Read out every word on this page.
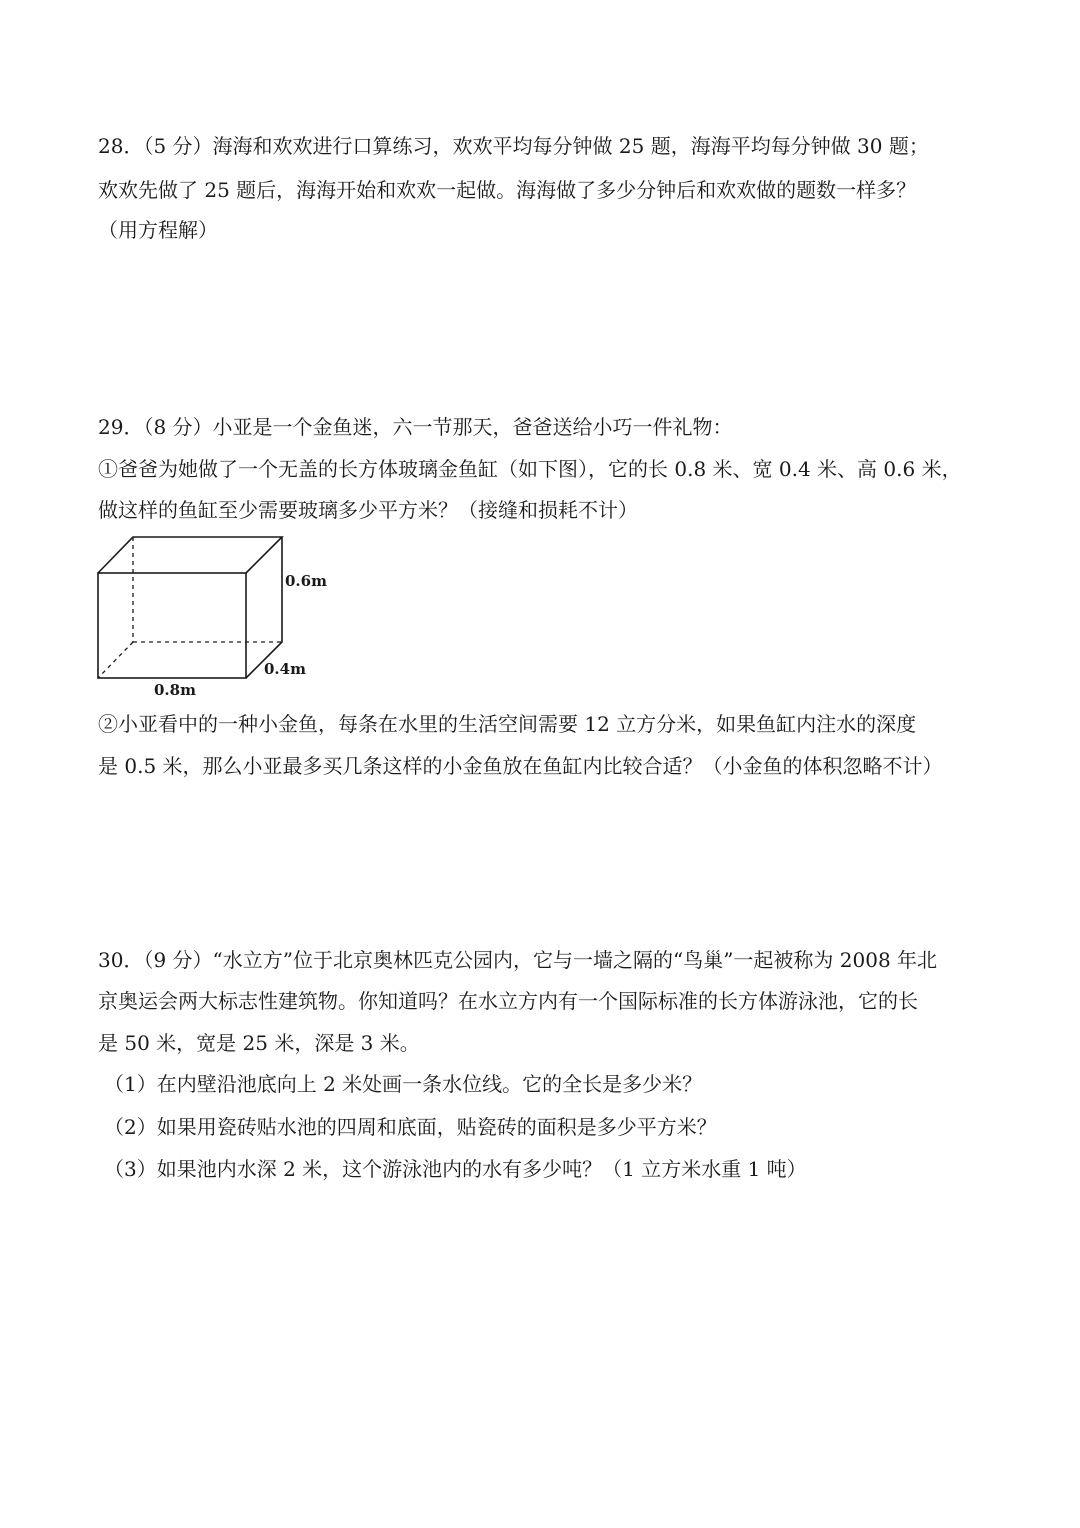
28．（5 分）海海和欢欢进行口算练习，欢欢平均每分钟做 25 题，海海平均每分钟做 30 题；
欢欢先做了 25 题后，海海开始和欢欢一起做。海海做了多少分钟后和欢欢做的题数一样多？
（用方程解）
29．（8 分）小亚是一个金鱼迷，六一节那天，爸爸送给小巧一件礼物：
①爸爸为她做了一个无盖的长方体玻璃金鱼缸（如下图），它的长 0.8 米、宽 0.4 米、高 0.6 米，
做这样的鱼缸至少需要玻璃多少平方米？（接缝和损耗不计）
0.6m
0.4m
0.8m
②小亚看中的一种小金鱼，每条在水里的生活空间需要 12 立方分米，如果鱼缸内注水的深度
是 0.5 米，那么小亚最多买几条这样的小金鱼放在鱼缸内比较合适？（小金鱼的体积忽略不计）
30．（9 分）“水立方”位于北京奥林匹克公园内，它与一墙之隔的“鸟巢”一起被称为 2008 年北
京奥运会两大标志性建筑物。你知道吗？在水立方内有一个国际标准的长方体游泳池，它的长
是 50 米，宽是 25 米，深是 3 米。
（1）在内壁沿池底向上 2 米处画一条水位线。它的全长是多少米？
（2）如果用瓷砖贴水池的四周和底面，贴瓷砖的面积是多少平方米？
（3）如果池内水深 2 米，这个游泳池内的水有多少吨？（1 立方米水重 1 吨）
